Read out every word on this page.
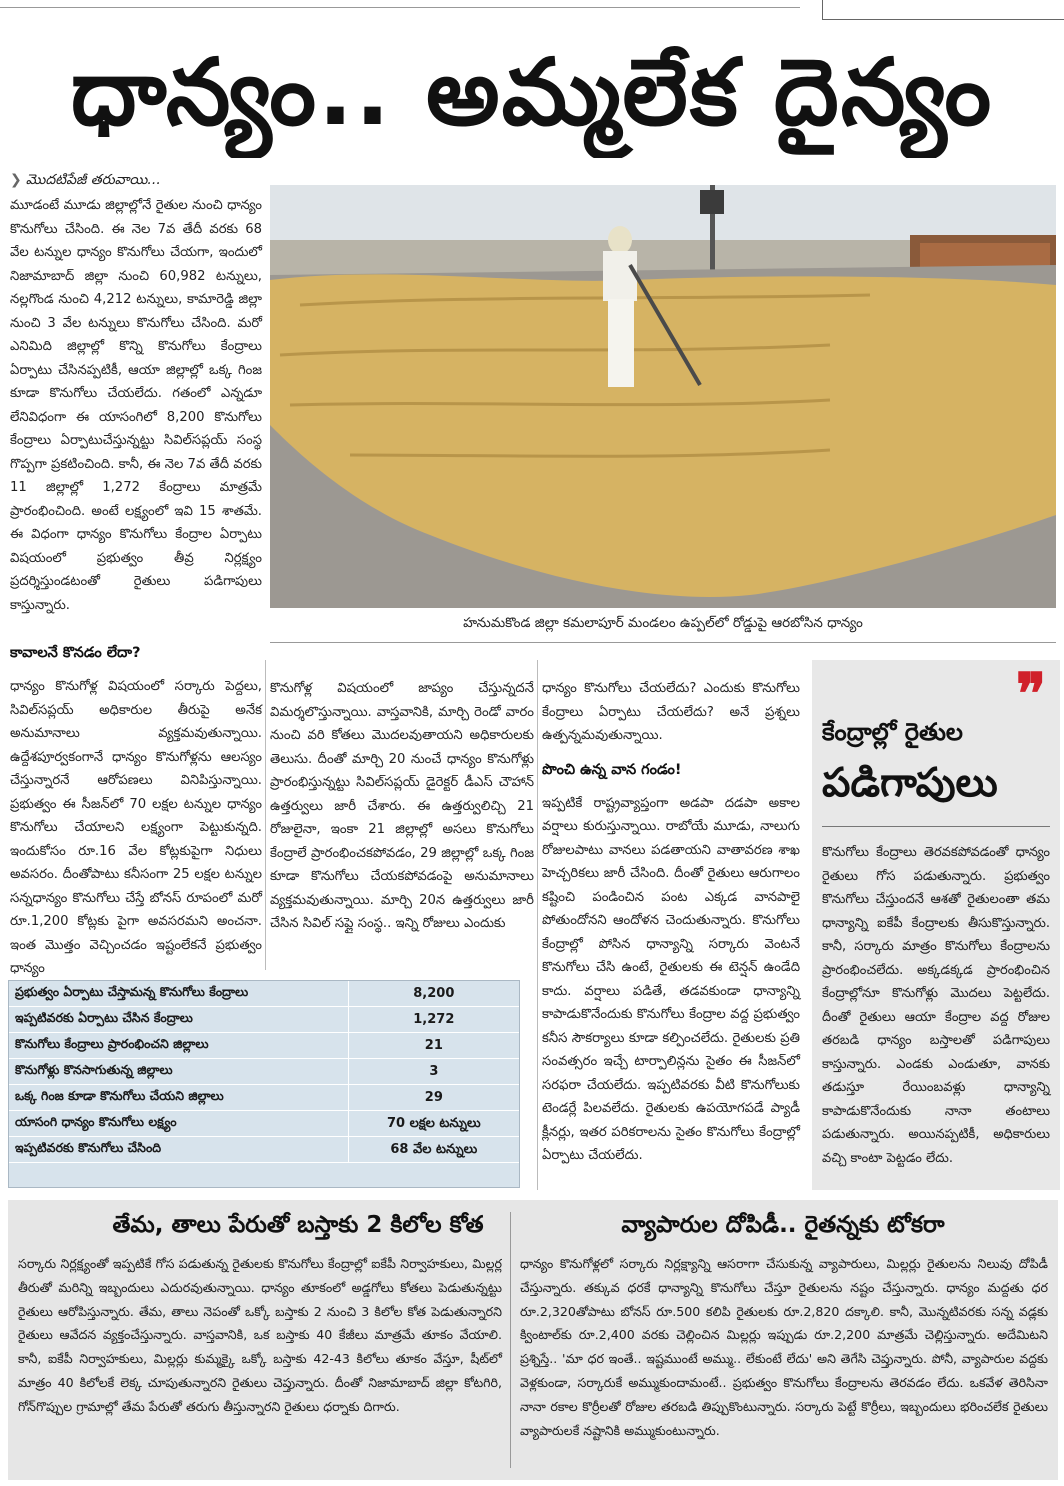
ధాన్యం.. అమ్మలేక దైన్యం
❯ మొదటిపేజీ తరువాయి...

మూడంటే మూడు జిల్లాల్లోనే రైతుల నుంచి ధాన్యం కొనుగోలు చేసింది. ఈ నెల 7వ తేదీ వరకు 68 వేల టన్నుల ధాన్యం కొనుగోలు చేయగా, ఇందులో నిజామాబాద్ జిల్లా నుంచి 60,982 టన్నులు, నల్లగొండ నుంచి 4,212 టన్నులు, కామారెడ్డి జిల్లా నుంచి 3 వేల టన్నులు కొనుగోలు చేసింది. మరో ఎనిమిది జిల్లాల్లో కొన్ని కొనుగోలు కేంద్రాలు ఏర్పాటు చేసినప్పటికీ, ఆయా జిల్లాల్లో ఒక్క గింజ కూడా కొనుగోలు చేయలేదు. గతంలో ఎన్నడూ లేనివిధంగా ఈ యాసంగిలో 8,200 కొనుగోలు కేంద్రాలు ఏర్పాటుచేస్తున్నట్టు సివిల్‌సప్లయ్ సంస్థ గొప్పగా ప్రకటించింది. కానీ, ఈ నెల 7వ తేదీ వరకు 11 జిల్లాల్లో 1,272 కేంద్రాలు మాత్రమే ప్రారంభించింది. అంటే లక్ష్యంలో ఇవి 15 శాతమే. ఈ విధంగా ధాన్యం కొనుగోలు కేంద్రాల ఏర్పాటు విషయంలో ప్రభుత్వం తీవ్ర నిర్లక్ష్యం ప్రదర్శిస్తుండటంతో రైతులు పడిగాపులు కాస్తున్నారు.

హనుమకొండ జిల్లా కమలాపూర్ మండలం ఉప్పల్‌లో రోడ్డుపై ఆరబోసిన ధాన్యం
కావాలనే కొనడం లేదా?

ధాన్యం కొనుగోళ్ల విషయంలో సర్కారు పెద్దలు, సివిల్‌సప్లయ్ అధికారుల తీరుపై అనేక అనుమానాలు వ్యక్తమవుతున్నాయి. ఉద్దేశపూర్వకంగానే ధాన్యం కొనుగోళ్లను ఆలస్యం చేస్తున్నారనే ఆరోపణలు వినిపిస్తున్నాయి. ప్రభుత్వం ఈ సీజన్‌లో 70 లక్షల టన్నుల ధాన్యం కొనుగోలు చేయాలని లక్ష్యంగా పెట్టుకున్నది. ఇందుకోసం రూ.16 వేల కోట్లకుపైగా నిధులు అవసరం. దీంతోపాటు కనీసంగా 25 లక్షల టన్నుల సన్నధాన్యం కొనుగోలు చేస్తే బోనస్ రూపంలో మరో రూ.1,200 కోట్లకు పైగా అవసరమని అంచనా. ఇంత మొత్తం వెచ్చించడం ఇష్టంలేకనే ప్రభుత్వం ధాన్యం

కొనుగోళ్ల విషయంలో జాప్యం చేస్తున్నదనే విమర్శలొస్తున్నాయి. వాస్తవానికి, మార్చి రెండో వారం నుంచి వరి కోతలు మొదలవుతాయని అధికారులకు తెలుసు. దీంతో మార్చి 20 నుంచే ధాన్యం కొనుగోళ్లు ప్రారంభిస్తున్నట్టు సివిల్‌సప్లయ్ డైరెక్టర్ డీఎస్ చౌహాన్ ఉత్తర్వులు జారీ చేశారు. ఈ ఉత్తర్వులిచ్చి 21 రోజులైనా, ఇంకా 21 జిల్లాల్లో అసలు కొనుగోలు కేంద్రాలే ప్రారంభించకపోవడం, 29 జిల్లాల్లో ఒక్క గింజ కూడా కొనుగోలు చేయకపోవడంపై అనుమానాలు వ్యక్తమవుతున్నాయి. మార్చి 20న ఉత్తర్వులు జారీ చేసిన సివిల్ సప్లై సంస్థ.. ఇన్ని రోజులు ఎందుకు

ధాన్యం కొనుగోలు చేయలేదు? ఎందుకు కొనుగోలు కేంద్రాలు ఏర్పాటు చేయలేదు? అనే ప్రశ్నలు ఉత్పన్నమవుతున్నాయి.

పొంచి ఉన్న వాన గండం!

ఇప్పటికే రాష్ట్రవ్యాప్తంగా అడపా దడపా అకాల వర్షాలు కురుస్తున్నాయి. రాబోయే మూడు, నాలుగు రోజులపాటు వానలు పడతాయని వాతావరణ శాఖ హెచ్చరికలు జారీ చేసింది. దీంతో రైతులు ఆరుగాలం కష్టించి పండించిన పంట ఎక్కడ వానపాలై పోతుందోనని ఆందోళన చెందుతున్నారు. కొనుగోలు కేంద్రాల్లో పోసిన ధాన్యాన్ని సర్కారు వెంటనే కొనుగోలు చేసి ఉంటే, రైతులకు ఈ టెన్షన్ ఉండేది కాదు. వర్షాలు పడితే, తడవకుండా ధాన్యాన్ని కాపాడుకొనేందుకు కొనుగోలు కేంద్రాల వద్ద ప్రభుత్వం కనీస సౌకర్యాలు కూడా కల్పించలేదు. రైతులకు ప్రతి సంవత్సరం ఇచ్చే టార్పాలిన్లను సైతం ఈ సీజన్‌లో సరఫరా చేయలేదు. ఇప్పటివరకు వీటి కొనుగోలుకు టెండర్లే పిలవలేదు. రైతులకు ఉపయోగపడే ప్యాడీ క్లీనర్లు, ఇతర పరికరాలను సైతం కొనుగోలు కేంద్రాల్లో ఏర్పాటు చేయలేదు.

❞
కేంద్రాల్లో రైతుల
పడిగాపులు

కొనుగోలు కేంద్రాలు తెరవకపోవడంతో ధాన్యం రైతులు గోస పడుతున్నారు. ప్రభుత్వం కొనుగోలు చేస్తుందనే ఆశతో రైతులంతా తమ ధాన్యాన్ని ఐకేపీ కేంద్రాలకు తీసుకొస్తున్నారు. కానీ, సర్కారు మాత్రం కొనుగోలు కేంద్రాలను ప్రారంభించలేదు. అక్కడక్కడ ప్రారంభించిన కేంద్రాల్లోనూ కొనుగోళ్లు మొదలు పెట్టలేదు. దీంతో రైతులు ఆయా కేంద్రాల వద్ద రోజుల తరబడి ధాన్యం బస్తాలతో పడిగాపులు కాస్తున్నారు. ఎండకు ఎండుతూ, వానకు తడుస్తూ రేయింబవళ్లు ధాన్యాన్ని కాపాడుకొనేందుకు నానా తంటాలు పడుతున్నారు. అయినప్పటికీ, అధికారులు వచ్చి కాంటా పెట్టడం లేదు.

ప్రభుత్వం ఏర్పాటు చేస్తామన్న కొనుగోలు కేంద్రాలు	8,200
ఇప్పటివరకు ఏర్పాటు చేసిన కేంద్రాలు	1,272
కొనుగోలు కేంద్రాలు ప్రారంభించని జిల్లాలు	21
కొనుగోళ్లు కొనసాగుతున్న జిల్లాలు	3
ఒక్క గింజ కూడా కొనుగోలు చేయని జిల్లాలు	29
యాసంగి ధాన్యం కొనుగోలు లక్ష్యం	70 లక్షల టన్నులు
ఇప్పటివరకు కొనుగోలు చేసింది	68 వేల టన్నులు
తేమ, తాలు పేరుతో బస్తాకు 2 కిలోల కోత	వ్యాపారుల దోపిడీ.. రైతన్నకు టోకరా

సర్కారు నిర్లక్ష్యంతో ఇప్పటికే గోస పడుతున్న రైతులకు కొనుగోలు కేంద్రాల్లో ఐకేపీ నిర్వాహకులు, మిల్లర్ల తీరుతో మరిన్ని ఇబ్బందులు ఎదురవుతున్నాయి. ధాన్యం తూకంలో అడ్డగోలు కోతలు పెడుతున్నట్టు రైతులు ఆరోపిస్తున్నారు. తేమ, తాలు నెపంతో ఒక్కో బస్తాకు 2 నుంచి 3 కిలోల కోత పెడుతున్నారని రైతులు ఆవేదన వ్యక్తంచేస్తున్నారు. వాస్తవానికి, ఒక బస్తాకు 40 కేజీలు మాత్రమే తూకం వేయాలి. కానీ, ఐకేపీ నిర్వాహకులు, మిల్లర్లు కుమ్మక్కై ఒక్కో బస్తాకు 42-43 కిలోలు తూకం వేస్తూ, షీట్‌లో మాత్రం 40 కిలోలకే లెక్క చూపుతున్నారని రైతులు చెప్తున్నారు. దీంతో నిజామాబాద్ జిల్లా కోటగిరి, గోన్‌గొప్పుల గ్రామాల్లో తేమ పేరుతో తరుగు తీస్తున్నారని రైతులు ధర్నాకు దిగారు.

ధాన్యం కొనుగోళ్లలో సర్కారు నిర్లక్ష్యాన్ని ఆసరాగా చేసుకున్న వ్యాపారులు, మిల్లర్లు రైతులను నిలువు దోపిడీ చేస్తున్నారు. తక్కువ ధరకే ధాన్యాన్ని కొనుగోలు చేస్తూ రైతులను నష్టం చేస్తున్నారు. ధాన్యం మద్దతు ధర రూ.2,320తోపాటు బోనస్ రూ.500 కలిపి రైతులకు రూ.2,820 దక్కాలి. కానీ, మొన్నటివరకు సన్న వడ్లకు క్వింటాల్‌కు రూ.2,400 వరకు చెల్లించిన మిల్లర్లు ఇప్పుడు రూ.2,200 మాత్రమే చెల్లిస్తున్నారు. అదేమిటని ప్రశ్నిస్తే.. 'మా ధర ఇంతే.. ఇష్టముంటే అమ్ము.. లేకుంటే లేదు' అని తెగేసి చెప్తున్నారు. పోనీ, వ్యాపారుల వద్దకు వెళ్లకుండా, సర్కారుకే అమ్ముకుందామంటే.. ప్రభుత్వం కొనుగోలు కేంద్రాలను తెరవడం లేదు. ఒకవేళ తెరిసినా నానా రకాల కొర్రీలతో రోజుల తరబడి తిప్పుకొంటున్నారు. సర్కారు పెట్టే కొర్రీలు, ఇబ్బందులు భరించలేక రైతులు వ్యాపారులకే నష్టానికి అమ్ముకుంటున్నారు.
